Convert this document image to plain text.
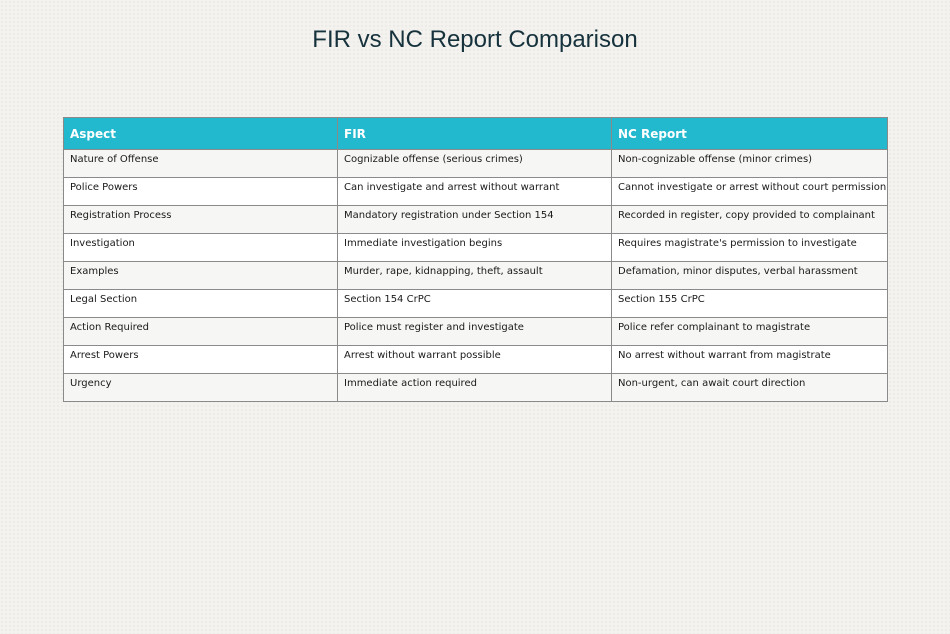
FIR vs NC Report Comparison
Aspect	FIR	NC Report
Nature of Offense	Cognizable offense (serious crimes)	Non-cognizable offense (minor crimes)
Police Powers	Can investigate and arrest without warrant	Cannot investigate or arrest without court permission
Registration Process	Mandatory registration under Section 154	Recorded in register, copy provided to complainant
Investigation	Immediate investigation begins	Requires magistrate's permission to investigate
Examples	Murder, rape, kidnapping, theft, assault	Defamation, minor disputes, verbal harassment
Legal Section	Section 154 CrPC	Section 155 CrPC
Action Required	Police must register and investigate	Police refer complainant to magistrate
Arrest Powers	Arrest without warrant possible	No arrest without warrant from magistrate
Urgency	Immediate action required	Non-urgent, can await court direction
